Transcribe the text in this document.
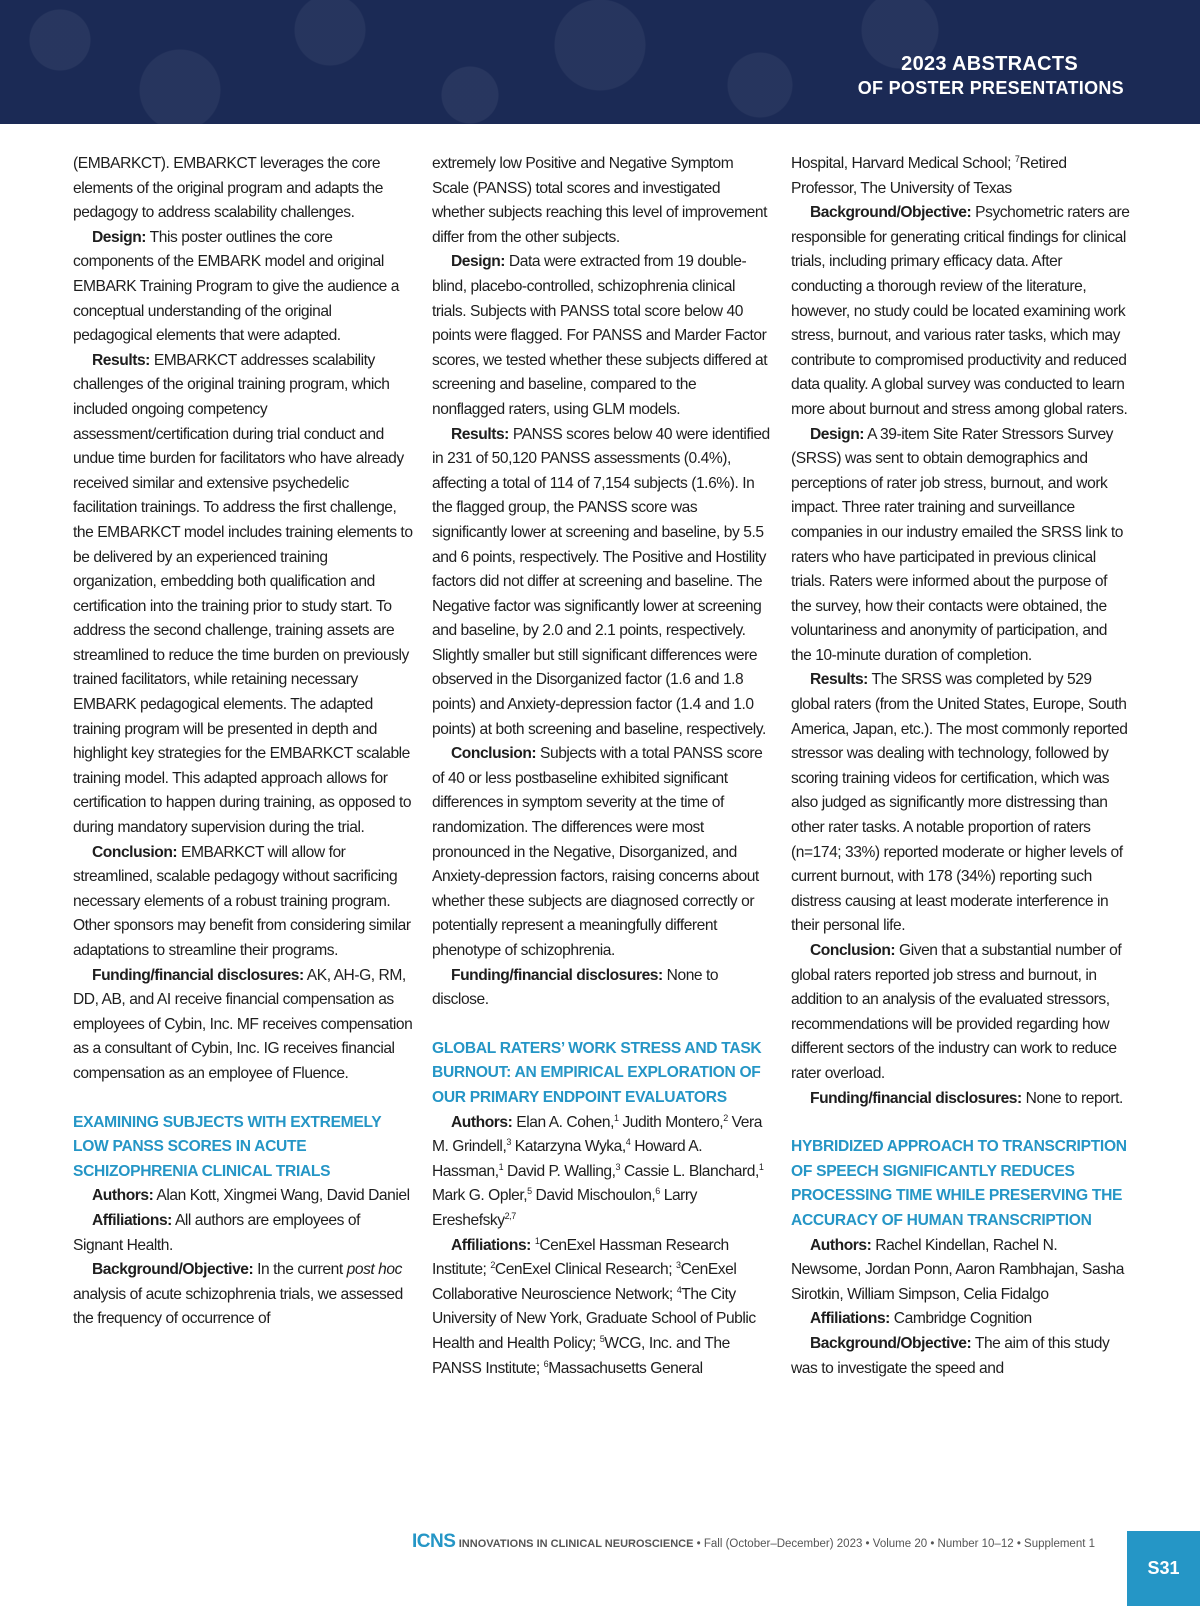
2023 ABSTRACTS
OF POSTER PRESENTATIONS

(EMBARKCT). EMBARKCT leverages the core elements of the original program and adapts the pedagogy to address scalability challenges.

Design: This poster outlines the core components of the EMBARK model and original EMBARK Training Program to give the audience a conceptual understanding of the original pedagogical elements that were adapted.

Results: EMBARKCT addresses scalability challenges of the original training program, which included ongoing competency assessment/certification during trial conduct and undue time burden for facilitators who have already received similar and extensive psychedelic facilitation trainings. To address the first challenge, the EMBARKCT model includes training elements to be delivered by an experienced training organization, embedding both qualification and certification into the training prior to study start. To address the second challenge, training assets are streamlined to reduce the time burden on previously trained facilitators, while retaining necessary EMBARK pedagogical elements. The adapted training program will be presented in depth and highlight key strategies for the EMBARKCT scalable training model. This adapted approach allows for certification to happen during training, as opposed to during mandatory supervision during the trial.

Conclusion: EMBARKCT will allow for streamlined, scalable pedagogy without sacrificing necessary elements of a robust training program. Other sponsors may benefit from considering similar adaptations to streamline their programs.

Funding/financial disclosures: AK, AH-G, RM, DD, AB, and AI receive financial compensation as employees of Cybin, Inc. MF receives compensation as a consultant of Cybin, Inc. IG receives financial compensation as an employee of Fluence.

EXAMINING SUBJECTS WITH EXTREMELY LOW PANSS SCORES IN ACUTE SCHIZOPHRENIA CLINICAL TRIALS

Authors: Alan Kott, Xingmei Wang, David Daniel

Affiliations: All authors are employees of Signant Health.

Background/Objective: In the current post hoc analysis of acute schizophrenia trials, we assessed the frequency of occurrence of

extremely low Positive and Negative Symptom Scale (PANSS) total scores and investigated whether subjects reaching this level of improvement differ from the other subjects.

Design: Data were extracted from 19 double-blind, placebo-controlled, schizophrenia clinical trials. Subjects with PANSS total score below 40 points were flagged. For PANSS and Marder Factor scores, we tested whether these subjects differed at screening and baseline, compared to the nonflagged raters, using GLM models.

Results: PANSS scores below 40 were identified in 231 of 50,120 PANSS assessments (0.4%), affecting a total of 114 of 7,154 subjects (1.6%). In the flagged group, the PANSS score was significantly lower at screening and baseline, by 5.5 and 6 points, respectively. The Positive and Hostility factors did not differ at screening and baseline. The Negative factor was significantly lower at screening and baseline, by 2.0 and 2.1 points, respectively. Slightly smaller but still significant differences were observed in the Disorganized factor (1.6 and 1.8 points) and Anxiety-depression factor (1.4 and 1.0 points) at both screening and baseline, respectively.

Conclusion: Subjects with a total PANSS score of 40 or less postbaseline exhibited significant differences in symptom severity at the time of randomization. The differences were most pronounced in the Negative, Disorganized, and Anxiety-depression factors, raising concerns about whether these subjects are diagnosed correctly or potentially represent a meaningfully different phenotype of schizophrenia.

Funding/financial disclosures: None to disclose.

GLOBAL RATERS’ WORK STRESS AND TASK BURNOUT: AN EMPIRICAL EXPLORATION OF OUR PRIMARY ENDPOINT EVALUATORS

Authors: Elan A. Cohen,$^1$ Judith Montero,$^2$ Vera M. Grindell,$^3$ Katarzyna Wyka,$^4$ Howard A. Hassman,$^1$ David P. Walling,$^3$ Cassie L. Blanchard,$^1$ Mark G. Opler,$^5$ David Mischoulon,$^6$ Larry Ereshefsky$^{2,7}$

Affiliations: $^1$CenExel Hassman Research Institute; $^2$CenExel Clinical Research; $^3$CenExel Collaborative Neuroscience Network; $^4$The City University of New York, Graduate School of Public Health and Health Policy; $^5$WCG, Inc. and The PANSS Institute; $^6$Massachusetts General

Hospital, Harvard Medical School; $^7$Retired Professor, The University of Texas

Background/Objective: Psychometric raters are responsible for generating critical findings for clinical trials, including primary efficacy data. After conducting a thorough review of the literature, however, no study could be located examining work stress, burnout, and various rater tasks, which may contribute to compromised productivity and reduced data quality. A global survey was conducted to learn more about burnout and stress among global raters.

Design: A 39-item Site Rater Stressors Survey (SRSS) was sent to obtain demographics and perceptions of rater job stress, burnout, and work impact. Three rater training and surveillance companies in our industry emailed the SRSS link to raters who have participated in previous clinical trials. Raters were informed about the purpose of the survey, how their contacts were obtained, the voluntariness and anonymity of participation, and the 10-minute duration of completion.

Results: The SRSS was completed by 529 global raters (from the United States, Europe, South America, Japan, etc.). The most commonly reported stressor was dealing with technology, followed by scoring training videos for certification, which was also judged as significantly more distressing than other rater tasks. A notable proportion of raters (n=174; 33%) reported moderate or higher levels of current burnout, with 178 (34%) reporting such distress causing at least moderate interference in their personal life.

Conclusion: Given that a substantial number of global raters reported job stress and burnout, in addition to an analysis of the evaluated stressors, recommendations will be provided regarding how different sectors of the industry can work to reduce rater overload.

Funding/financial disclosures: None to report.

HYBRIDIZED APPROACH TO TRANSCRIPTION OF SPEECH SIGNIFICANTLY REDUCES PROCESSING TIME WHILE PRESERVING THE ACCURACY OF HUMAN TRANSCRIPTION

Authors: Rachel Kindellan, Rachel N. Newsome, Jordan Ponn, Aaron Rambhajan, Sasha Sirotkin, William Simpson, Celia Fidalgo

Affiliations: Cambridge Cognition

Background/Objective: The aim of this study was to investigate the speed and

ICNS INNOVATIONS IN CLINICAL NEUROSCIENCE • Fall (October–December) 2023 • Volume 20 • Number 10–12 • Supplement 1
S31
